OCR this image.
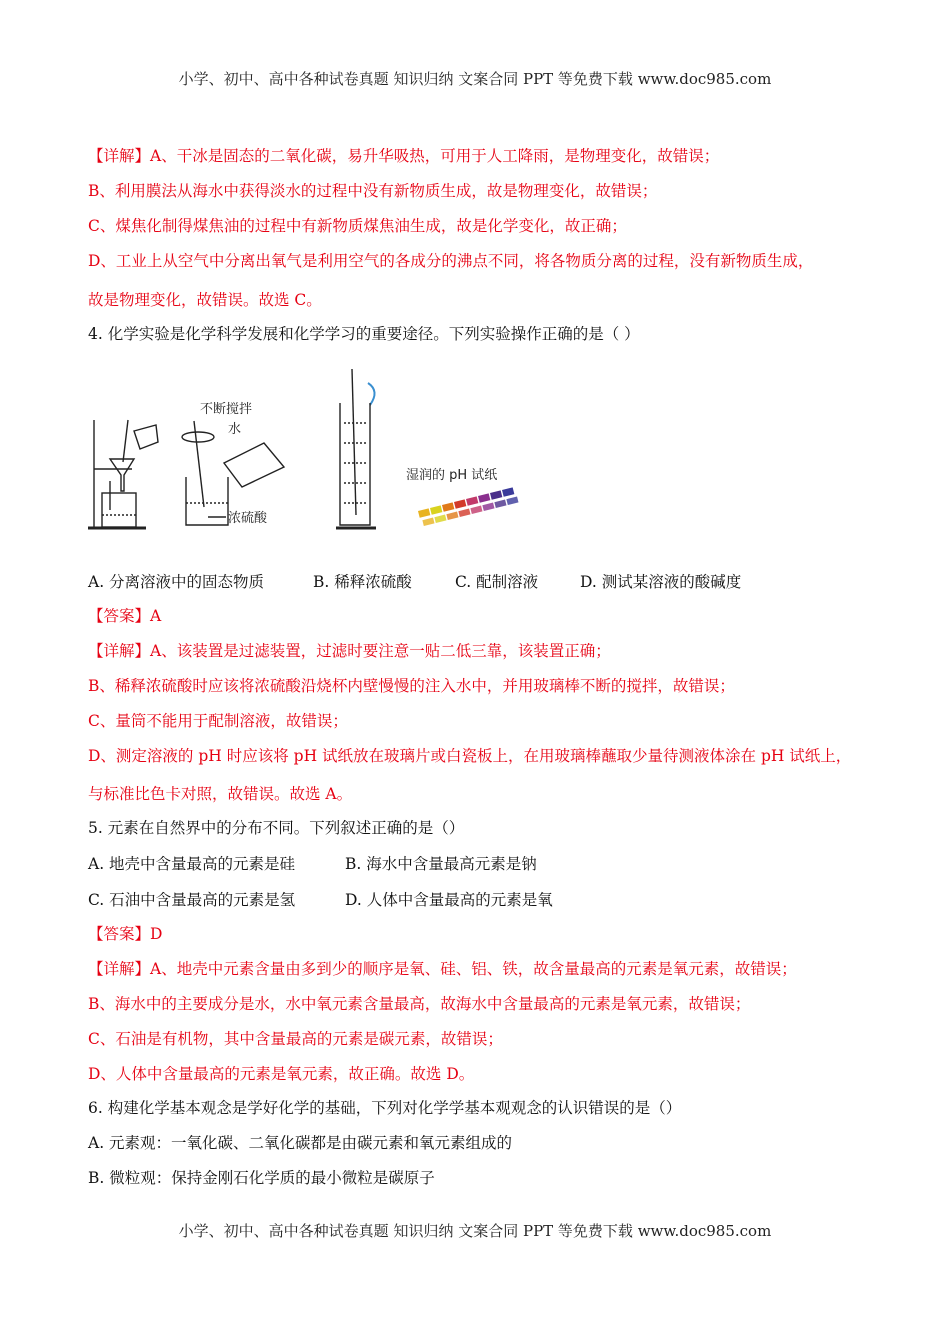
小学、初中、高中各种试卷真题 知识归纳 文案合同 PPT 等免费下载 www.doc985.com
【详解】A、干冰是固态的二氧化碳，易升华吸热，可用于人工降雨，是物理变化，故错误；
B、利用膜法从海水中获得淡水的过程中没有新物质生成，故是物理变化，故错误；
C、煤焦化制得煤焦油的过程中有新物质煤焦油生成，故是化学变化，故正确；
D、工业上从空气中分离出氧气是利用空气的各成分的沸点不同，将各物质分离的过程，没有新物质生成，
故是物理变化，故错误。故选 C。
4. 化学实验是化学科学发展和化学学习的重要途径。下列实验操作正确的是（ ）
不断搅拌
水
浓硫酸
湿润的 pH 试纸
A. 分离溶液中的固态物质	B. 稀释浓硫酸	C. 配制溶液	D. 测试某溶液的酸碱度
【答案】A
【详解】A、该装置是过滤装置，过滤时要注意一贴二低三靠，该装置正确；
B、稀释浓硫酸时应该将浓硫酸沿烧杯内壁慢慢的注入水中，并用玻璃棒不断的搅拌，故错误；
C、量筒不能用于配制溶液，故错误；
D、测定溶液的 pH 时应该将 pH 试纸放在玻璃片或白瓷板上，在用玻璃棒蘸取少量待测液体涂在 pH 试纸上，
与标准比色卡对照，故错误。故选 A。
5. 元素在自然界中的分布不同。下列叙述正确的是（）
A. 地壳中含量最高的元素是硅	B. 海水中含量最高元素是钠
C. 石油中含量最高的元素是氢	D. 人体中含量最高的元素是氧
【答案】D
【详解】A、地壳中元素含量由多到少的顺序是氧、硅、铝、铁，故含量最高的元素是氧元素，故错误；
B、海水中的主要成分是水，水中氧元素含量最高，故海水中含量最高的元素是氧元素，故错误；
C、石油是有机物，其中含量最高的元素是碳元素，故错误；
D、人体中含量最高的元素是氧元素，故正确。故选 D。
6. 构建化学基本观念是学好化学的基础，下列对化学学基本观观念的认识错误的是（）
A. 元素观：一氧化碳、二氧化碳都是由碳元素和氧元素组成的
B. 微粒观：保持金刚石化学质的最小微粒是碳原子
小学、初中、高中各种试卷真题 知识归纳 文案合同 PPT 等免费下载 www.doc985.com
